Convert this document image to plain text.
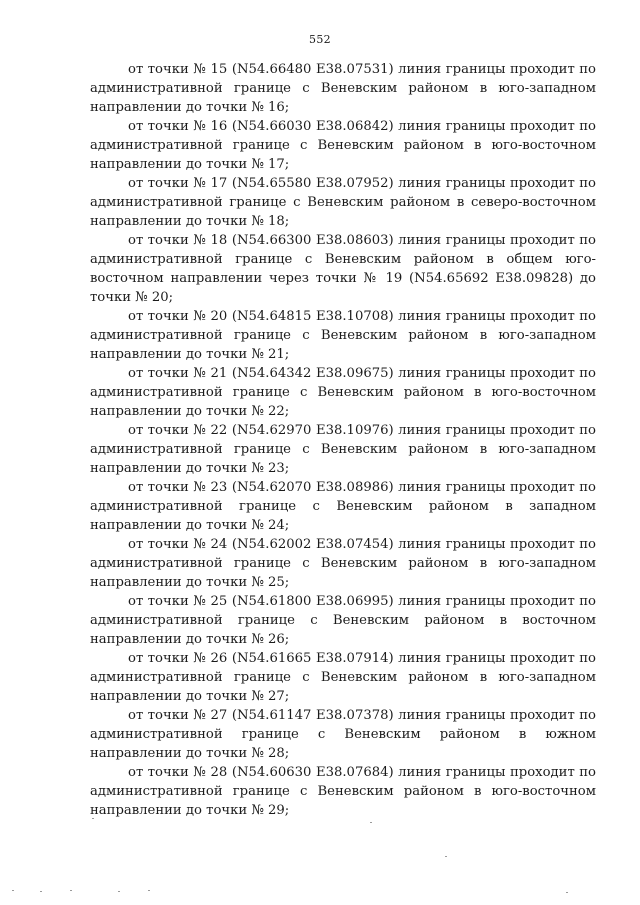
552

от точки № 15 (N54.66480 E38.07531) линия границы проходит по административной границе с Веневским районом в юго-западном направлении до точки № 16;

от точки № 16 (N54.66030 E38.06842) линия границы проходит по административной границе с Веневским районом в юго-восточном направлении до точки № 17;

от точки № 17 (N54.65580 E38.07952) линия границы проходит по административной границе с Веневским районом в северо-восточном направлении до точки № 18;

от точки № 18 (N54.66300 E38.08603) линия границы проходит по административной границе с Веневским районом в общем юго-восточном направлении через точки № 19 (N54.65692 E38.09828) до точки № 20;

от точки № 20 (N54.64815 E38.10708) линия границы проходит по административной границе с Веневским районом в юго-западном направлении до точки № 21;

от точки № 21 (N54.64342 E38.09675) линия границы проходит по административной границе с Веневским районом в юго-восточном направлении до точки № 22;

от точки № 22 (N54.62970 E38.10976) линия границы проходит по административной границе с Веневским районом в юго-западном направлении до точки № 23;

от точки № 23 (N54.62070 E38.08986) линия границы проходит по административной границе с Веневским районом в западном направлении до точки № 24;

от точки № 24 (N54.62002 E38.07454) линия границы проходит по административной границе с Веневским районом в юго-западном направлении до точки № 25;

от точки № 25 (N54.61800 E38.06995) линия границы проходит по административной границе с Веневским районом в восточном направлении до точки № 26;

от точки № 26 (N54.61665 E38.07914) линия границы проходит по административной границе с Веневским районом в юго-западном направлении до точки № 27;

от точки № 27 (N54.61147 E38.07378) линия границы проходит по административной границе с Веневским районом в южном направлении до точки № 28;

от точки № 28 (N54.60630 E38.07684) линия границы проходит по административной границе с Веневским районом в юго-восточном направлении до точки № 29;
